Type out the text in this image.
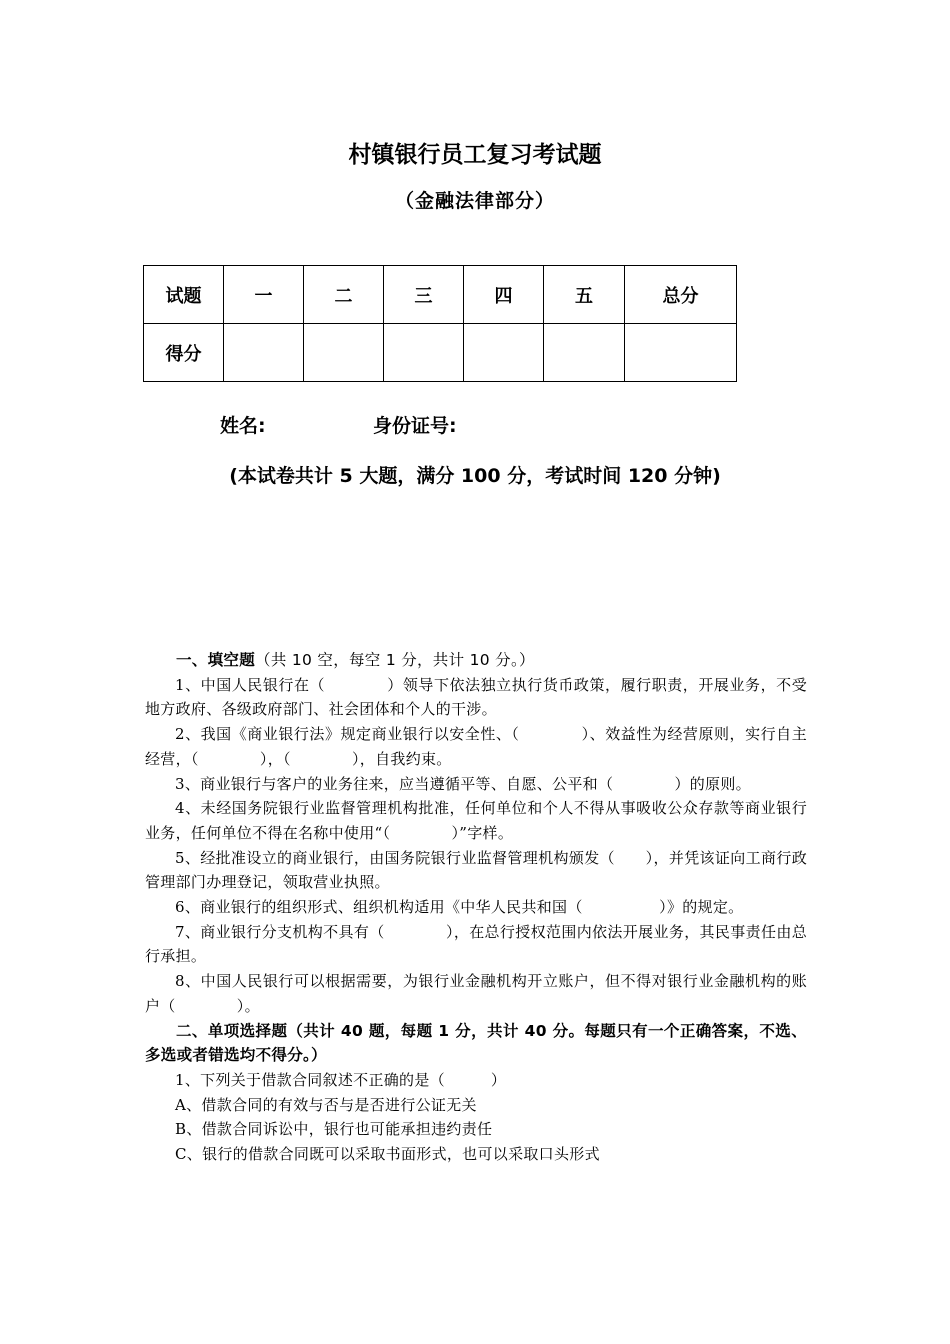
村镇银行员工复习考试题
（金融法律部分）
试题	一	二	三	四	五	总分
得分						
姓名:	身份证号:
(本试卷共计 5 大题，满分 100 分，考试时间 120 分钟)

一、填空题（共 10 空，每空 1 分，共计 10 分。）

1、中国人民银行在（　　　　）领导下依法独立执行货币政策，履行职责，开展业务，不受地方政府、各级政府部门、社会团体和个人的干涉。

2、我国《商业银行法》规定商业银行以安全性、（　　　　）、效益性为经营原则，实行自主经营，（　　　　），（　　　　），自我约束。

3、商业银行与客户的业务往来，应当遵循平等、自愿、公平和（　　　　）的原则。

4、未经国务院银行业监督管理机构批准，任何单位和个人不得从事吸收公众存款等商业银行业务，任何单位不得在名称中使用“（　　　　）”字样。

5、经批准设立的商业银行，由国务院银行业监督管理机构颁发（　　），并凭该证向工商行政管理部门办理登记，领取营业执照。

6、商业银行的组织形式、组织机构适用《中华人民共和国（　　　　　）》的规定。

7、商业银行分支机构不具有（　　　　），在总行授权范围内依法开展业务，其民事责任由总行承担。

8、中国人民银行可以根据需要，为银行业金融机构开立账户，但不得对银行业金融机构的账户（　　　　）。

二、单项选择题（共计 40 题，每题 1 分，共计 40 分。每题只有一个正确答案，不选、多选或者错选均不得分。）

1、下列关于借款合同叙述不正确的是（　　　）

A、借款合同的有效与否与是否进行公证无关

B、借款合同诉讼中，银行也可能承担违约责任

C、银行的借款合同既可以采取书面形式，也可以采取口头形式
